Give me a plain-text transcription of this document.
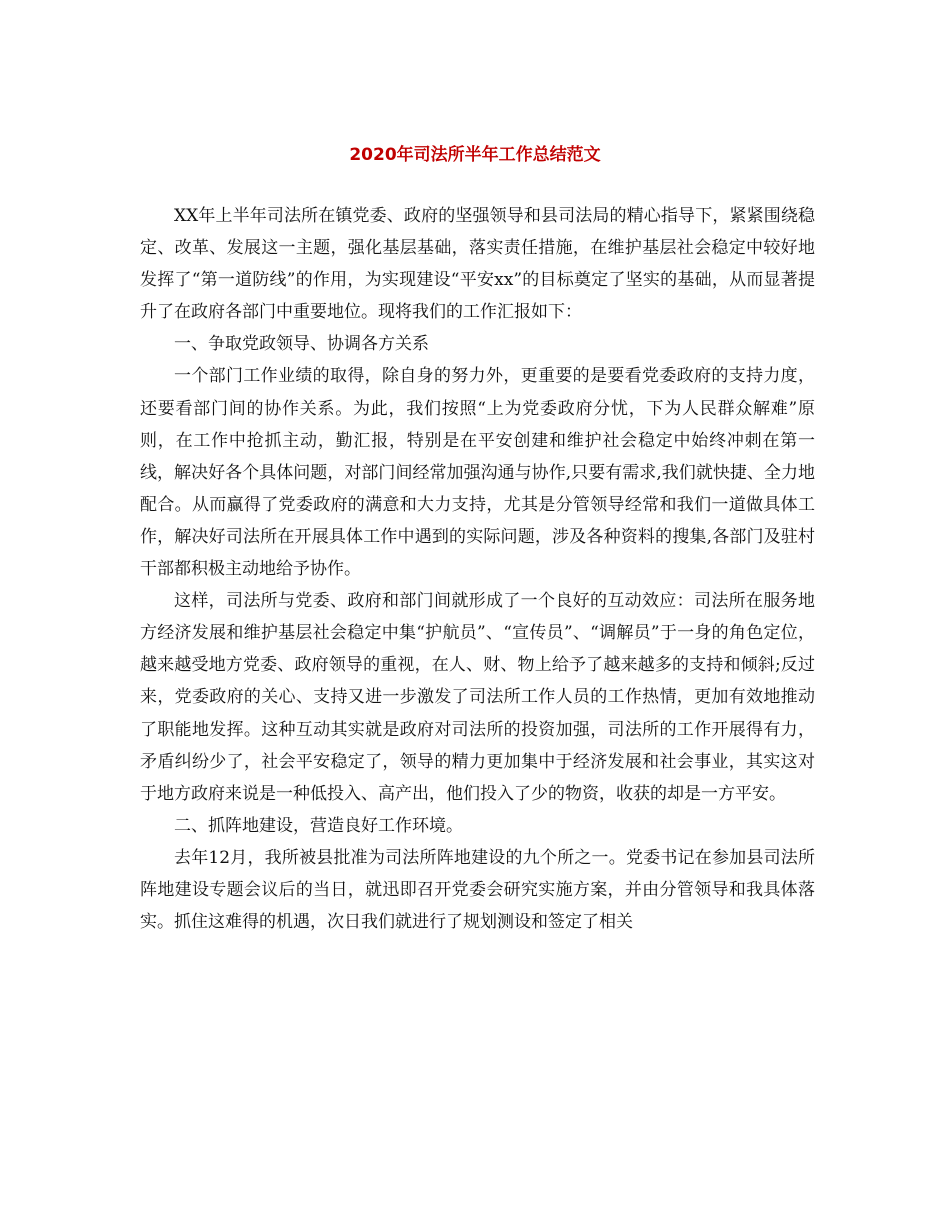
2020年司法所半年工作总结范文

XX年上半年司法所在镇党委、政府的坚强领导和县司法局的精心指导下，紧紧围绕稳定、改革、发展这一主题，强化基层基础，落实责任措施，在维护基层社会稳定中较好地发挥了“第一道防线”的作用，为实现建设“平安xx”的目标奠定了坚实的基础，从而显著提升了在政府各部门中重要地位。现将我们的工作汇报如下：

一、争取党政领导、协调各方关系

一个部门工作业绩的取得，除自身的努力外，更重要的是要看党委政府的支持力度，还要看部门间的协作关系。为此，我们按照“上为党委政府分忧，下为人民群众解难”原则，在工作中抢抓主动，勤汇报，特别是在平安创建和维护社会稳定中始终冲刺在第一线，解决好各个具体问题，对部门间经常加强沟通与协作,只要有需求,我们就快捷、全力地配合。从而赢得了党委政府的满意和大力支持，尤其是分管领导经常和我们一道做具体工作，解决好司法所在开展具体工作中遇到的实际问题，涉及各种资料的搜集,各部门及驻村干部都积极主动地给予协作。

这样，司法所与党委、政府和部门间就形成了一个良好的互动效应：司法所在服务地方经济发展和维护基层社会稳定中集“护航员”、“宣传员”、“调解员”于一身的角色定位，越来越受地方党委、政府领导的重视，在人、财、物上给予了越来越多的支持和倾斜;反过来，党委政府的关心、支持又进一步激发了司法所工作人员的工作热情，更加有效地推动了职能地发挥。这种互动其实就是政府对司法所的投资加强，司法所的工作开展得有力，矛盾纠纷少了，社会平安稳定了，领导的精力更加集中于经济发展和社会事业，其实这对于地方政府来说是一种低投入、高产出，他们投入了少的物资，收获的却是一方平安。

二、抓阵地建设，营造良好工作环境。

去年12月，我所被县批准为司法所阵地建设的九个所之一。党委书记在参加县司法所阵地建设专题会议后的当日，就迅即召开党委会研究实施方案，并由分管领导和我具体落实。抓住这难得的机遇，次日我们就进行了规划测设和签定了相关
